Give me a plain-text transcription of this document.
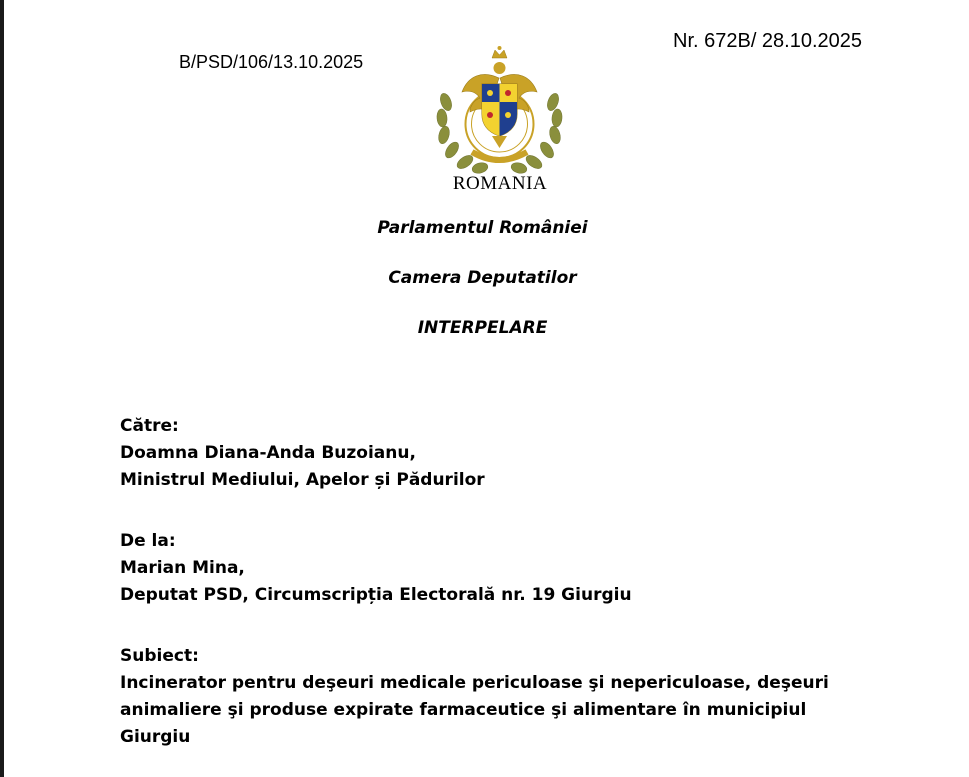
B/PSD/106/13.10.2025
Nr. 672B/ 28.10.2025
ROMANIA
Parlamentul României
Camera Deputatilor
INTERPELARE
Către:
Doamna Diana-Anda Buzoianu,
Ministrul Mediului, Apelor și Pădurilor
De la:
Marian Mina,
Deputat PSD, Circumscripția Electorală nr. 19 Giurgiu
Subiect:
Incinerator pentru deşeuri medicale periculoase şi nepericuloase, deşeuri
animaliere şi produse expirate farmaceutice şi alimentare în municipiul
Giurgiu
